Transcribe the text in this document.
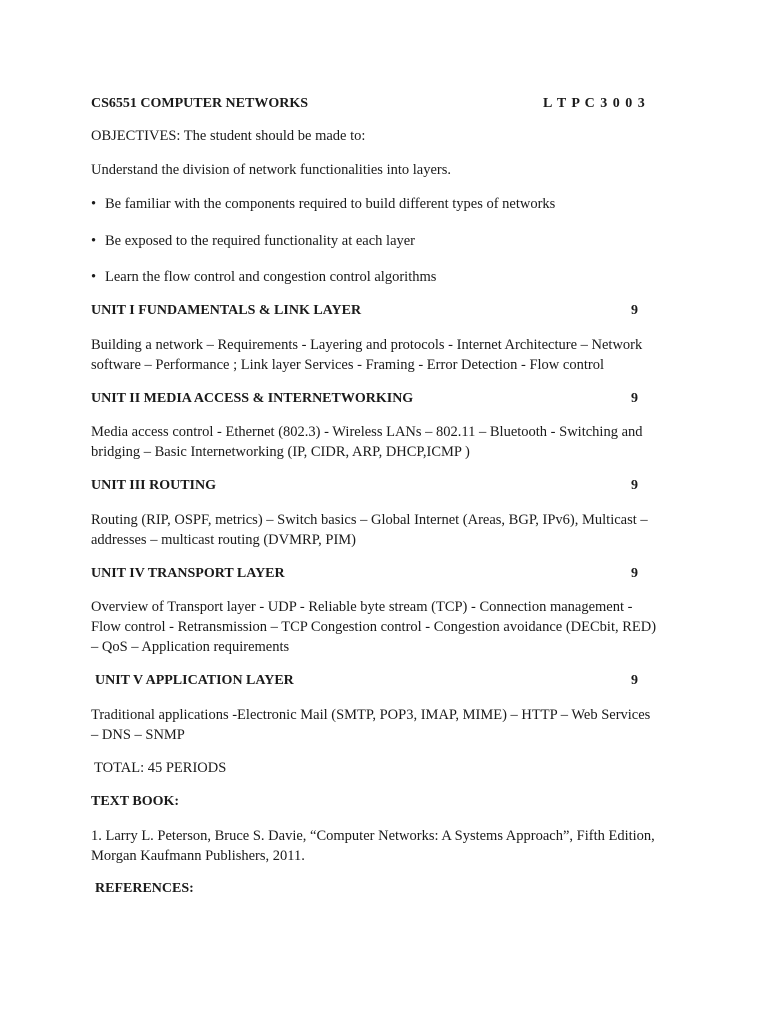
CS6551 COMPUTER NETWORKS	L T P C 3 0 0 3
OBJECTIVES: The student should be made to:
Understand the division of network functionalities into layers.
• Be familiar with the components required to build different types of networks
• Be exposed to the required functionality at each layer
• Learn the flow control and congestion control algorithms
UNIT I FUNDAMENTALS & LINK LAYER	9
Building a network – Requirements - Layering and protocols - Internet Architecture – Network
software – Performance ; Link layer Services - Framing - Error Detection - Flow control
UNIT II MEDIA ACCESS & INTERNETWORKING	9
Media access control - Ethernet (802.3) - Wireless LANs – 802.11 – Bluetooth - Switching and
bridging – Basic Internetworking (IP, CIDR, ARP, DHCP,ICMP )
UNIT III ROUTING	9
Routing (RIP, OSPF, metrics) – Switch basics – Global Internet (Areas, BGP, IPv6), Multicast –
addresses – multicast routing (DVMRP, PIM)
UNIT IV TRANSPORT LAYER	9
Overview of Transport layer - UDP - Reliable byte stream (TCP) - Connection management -
Flow control - Retransmission – TCP Congestion control - Congestion avoidance (DECbit, RED)
– QoS – Application requirements
UNIT V APPLICATION LAYER	9
Traditional applications -Electronic Mail (SMTP, POP3, IMAP, MIME) – HTTP – Web Services
– DNS – SNMP
TOTAL: 45 PERIODS
TEXT BOOK:
1. Larry L. Peterson, Bruce S. Davie, “Computer Networks: A Systems Approach”, Fifth Edition,
Morgan Kaufmann Publishers, 2011.
REFERENCES:
